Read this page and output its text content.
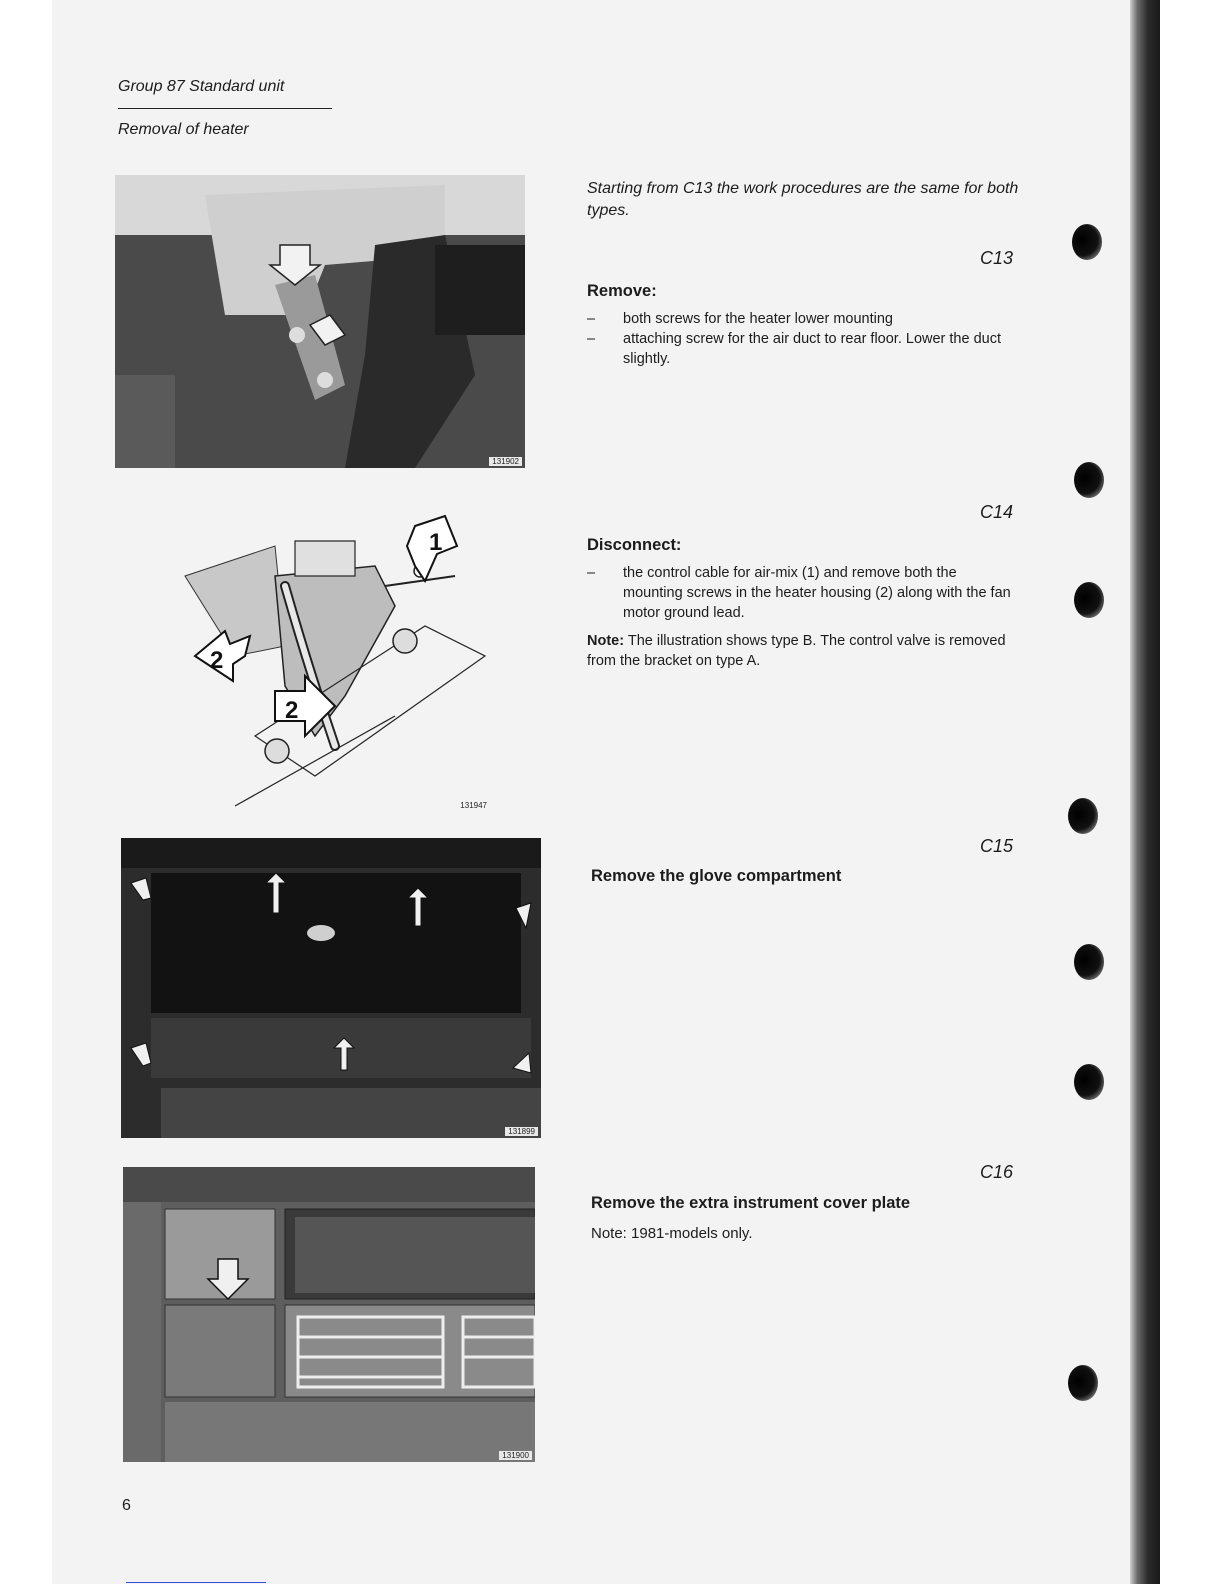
Group 87 Standard unit
Removal of heater
131902
1
2
2
131947
131899
131900
Starting from C13 the work procedures are the same for both types.
C13
Remove:
– both screws for the heater lower mounting
– attaching screw for the air duct to rear floor. Lower the duct slightly.
C14
Disconnect:
– the control cable for air-mix (1) and remove both the mounting screws in the heater housing (2) along with the fan motor ground lead.
Note: The illustration shows type B. The control valve is removed from the bracket on type A.
C15
Remove the glove compartment
C16
Remove the extra instrument cover plate
Note: 1981-models only.
6
